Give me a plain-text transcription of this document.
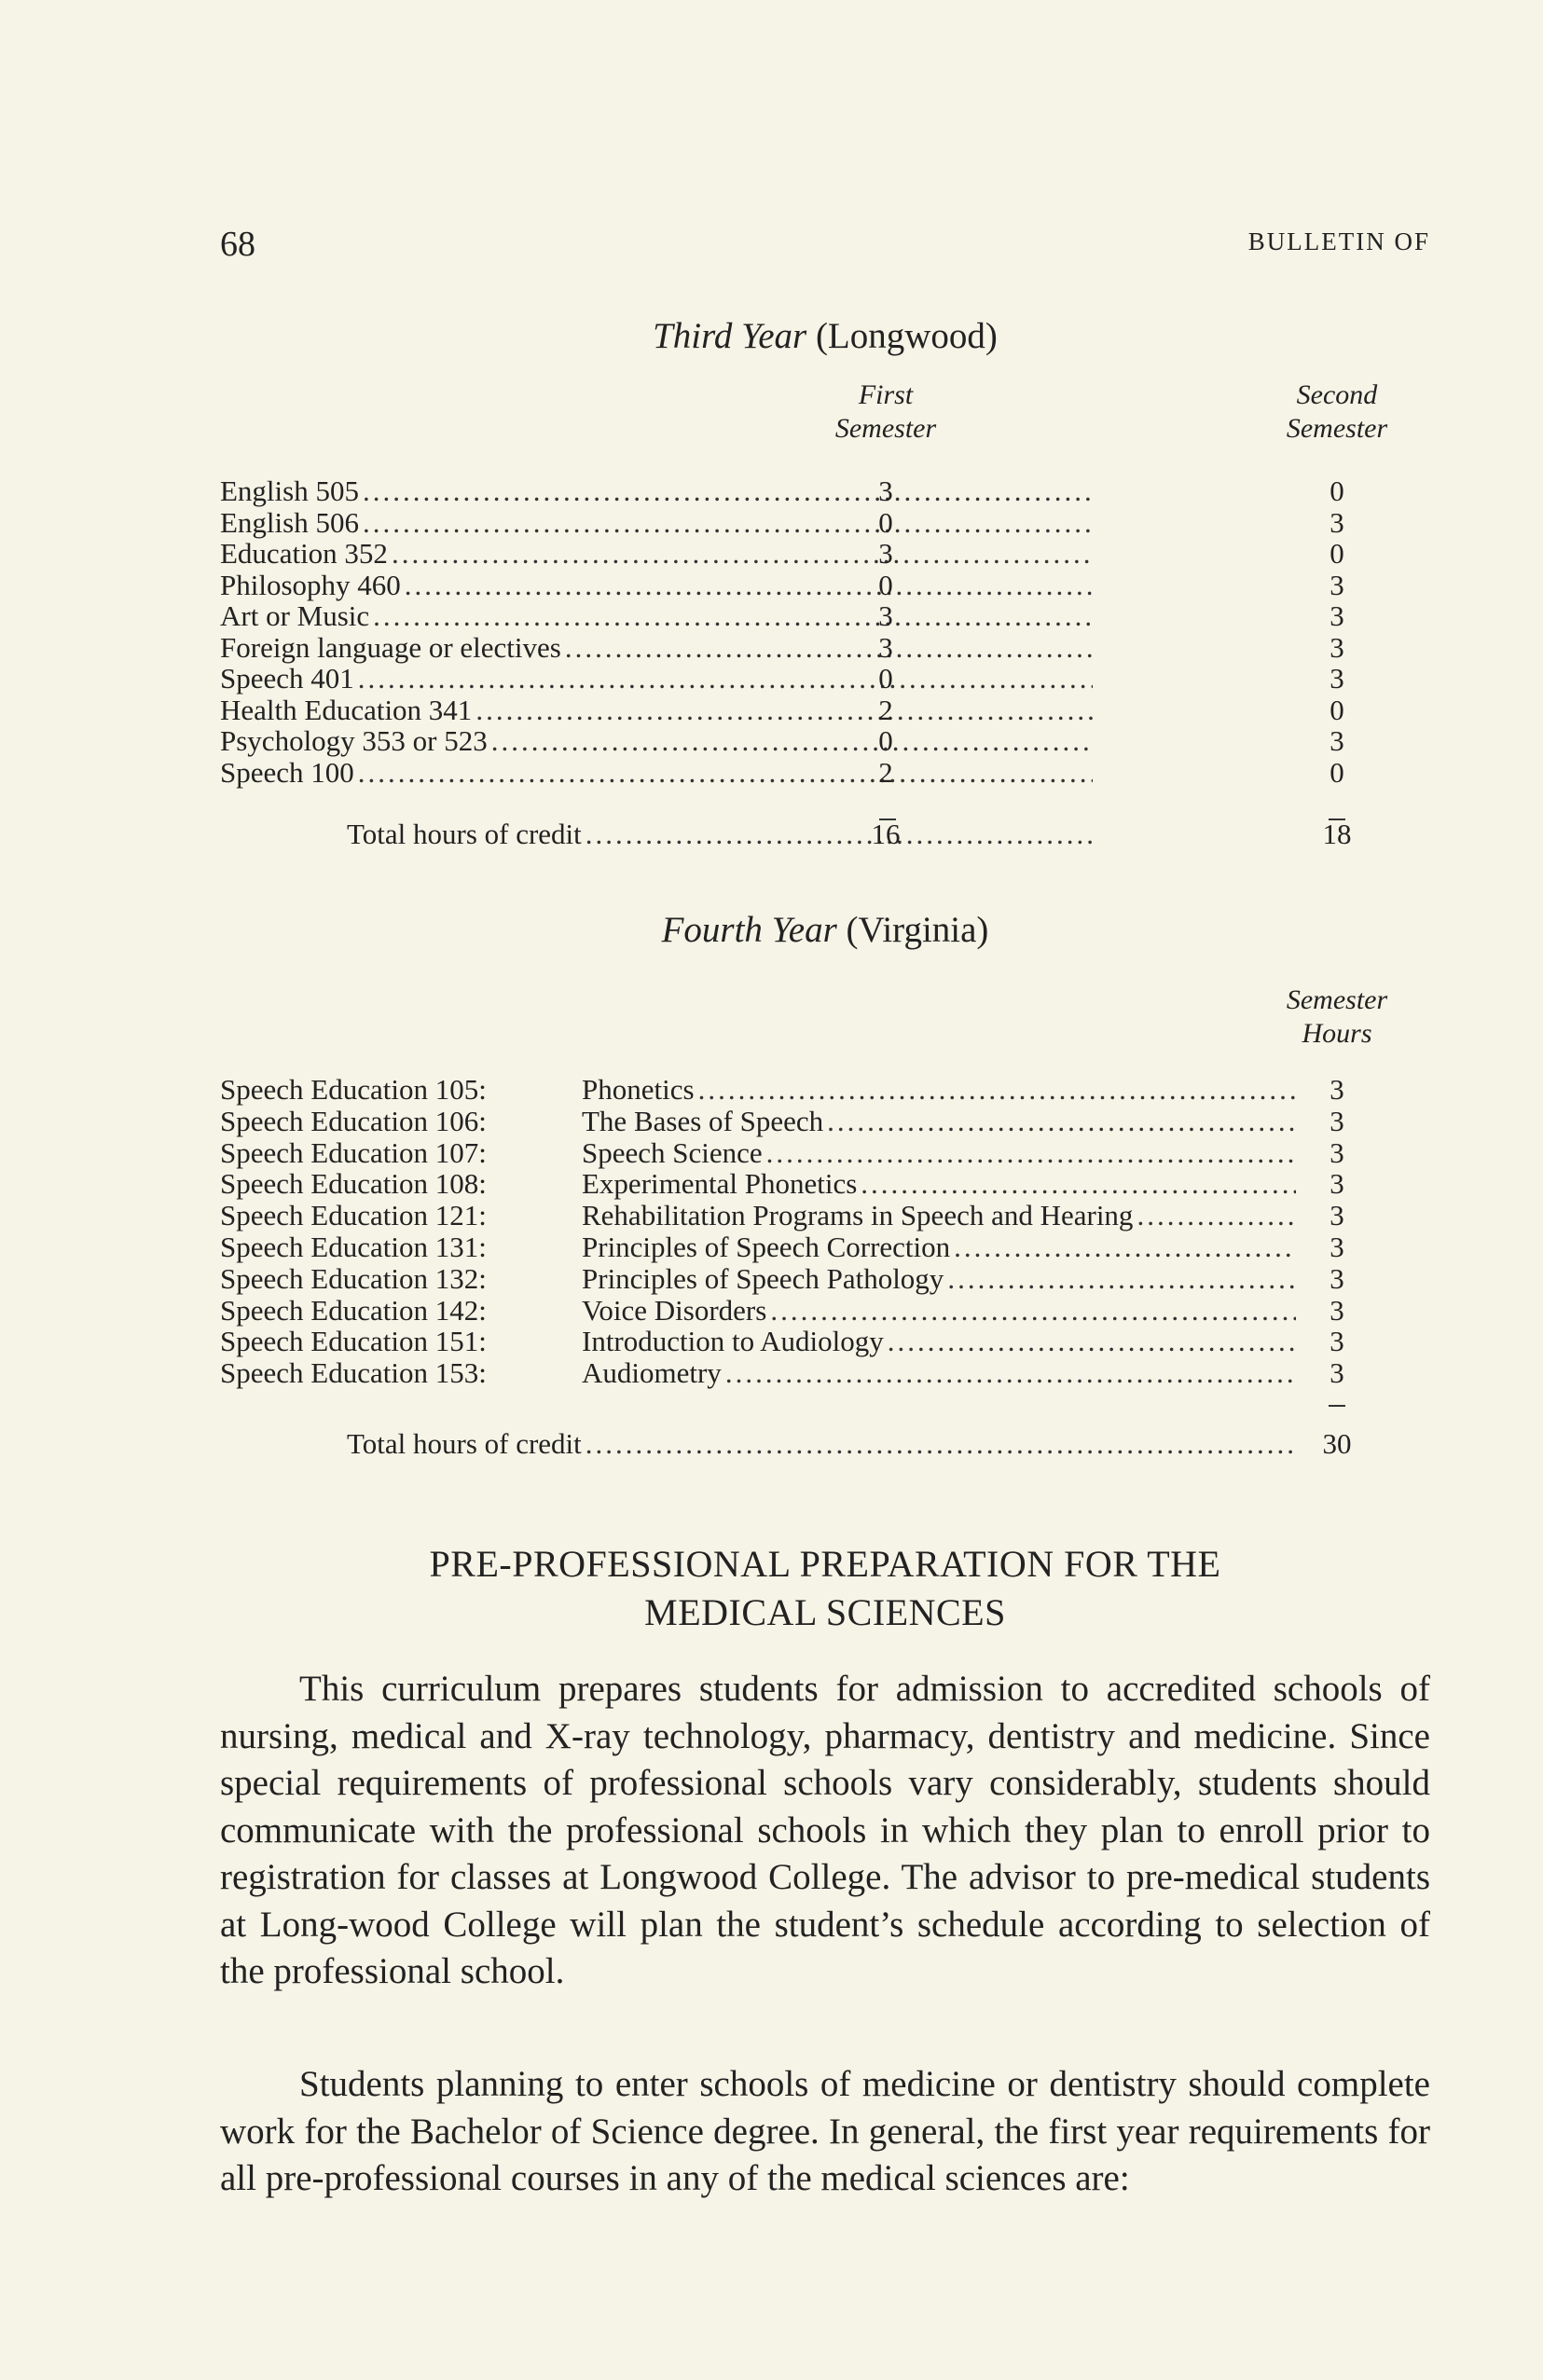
68	BULLETIN OF
Third Year (Longwood)
First
Semester
Second
Semester
English 505 .....	3	0
English 506 .....	0	3
Education 352 .....	3	0
Philosophy 460 .....	0	3
Art or Music .....	3	3
Foreign language or electives .....	3	3
Speech 401 .....	0	3
Health Education 341 .....	2	0
Psychology 353 or 523 .....	0	3
Speech 100 .....	2	0
Total hours of credit .....	16	18
Fourth Year (Virginia)
Semester
Hours
Speech Education 105:	Phonetics .....	3
Speech Education 106:	The Bases of Speech .....	3
Speech Education 107:	Speech Science .....	3
Speech Education 108:	Experimental Phonetics .....	3
Speech Education 121:	Rehabilitation Programs in Speech and Hearing .....	3
Speech Education 131:	Principles of Speech Correction .....	3
Speech Education 132:	Principles of Speech Pathology .....	3
Speech Education 142:	Voice Disorders .....	3
Speech Education 151:	Introduction to Audiology .....	3
Speech Education 153:	Audiometry .....	3
Total hours of credit .....	30
PRE-PROFESSIONAL PREPARATION FOR THE
MEDICAL SCIENCES

This curriculum prepares students for admission to accredited schools of nursing, medical and X-ray technology, pharmacy, dentistry and medicine. Since special requirements of professional schools vary considerably, students should communicate with the professional schools in which they plan to enroll prior to registration for classes at Longwood College. The advisor to pre-medical students at Long-wood College will plan the student’s schedule according to selection of the professional school.

Students planning to enter schools of medicine or dentistry should complete work for the Bachelor of Science degree. In general, the first year requirements for all pre-professional courses in any of the medical sciences are:
